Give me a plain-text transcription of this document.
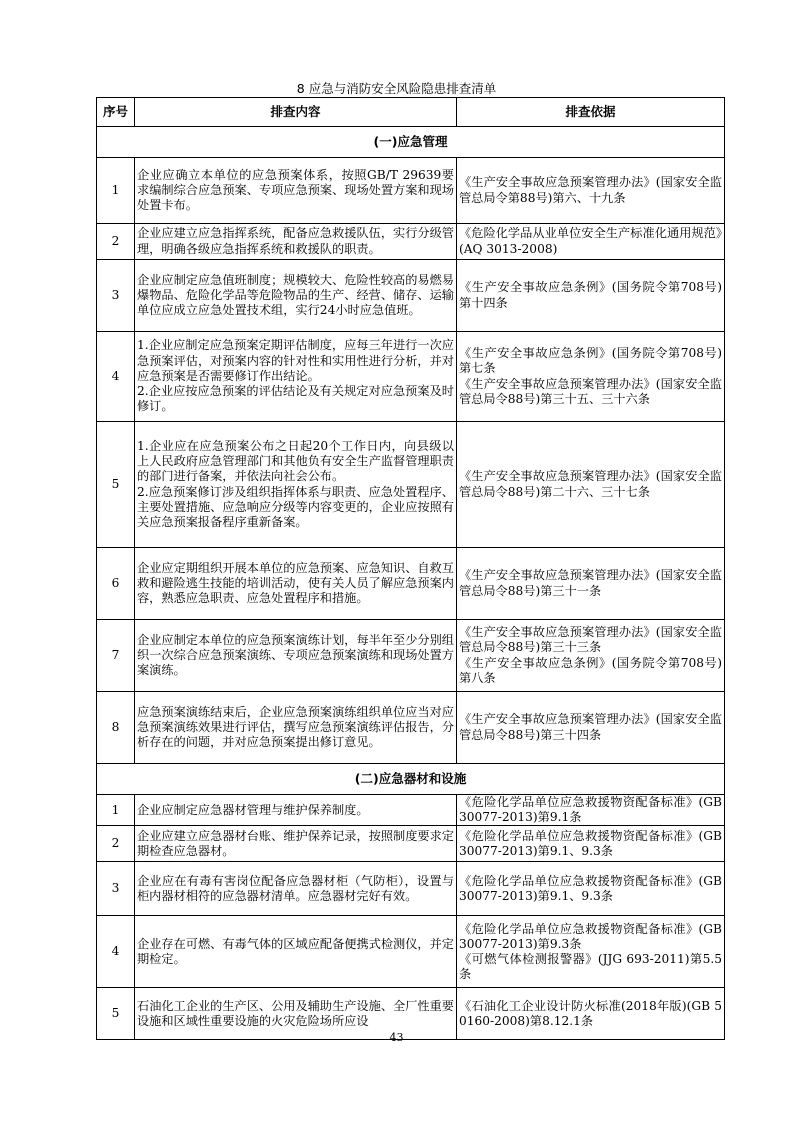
8 应急与消防安全风险隐患排查清单
序号	排查内容	排查依据
(一)应急管理		
1	企业应确立本单位的应急预案体系，按照GB/T 29639要求编制综合应急预案、专项应急预案、现场处置方案和现场处置卡布。	《生产安全事故应急预案管理办法》(国家安全监管总局令第88号)第六、十九条

2	企业应建立应急指挥系统，配备应急救援队伍，实行分级管理，明确各级应急指挥系统和救援队的职责。	《危险化学品从业单位安全生产标准化通用规范》(AQ 3013-2008)

3	企业应制定应急值班制度；规模较大、危险性较高的易燃易爆物品、危险化学品等危险物品的生产、经营、储存、运输单位应成立应急处置技术组，实行24小时应急值班。	《生产安全事故应急条例》(国务院令第708号)第十四条

4	1.企业应制定应急预案定期评估制度，应每三年进行一次应急预案评估，对预案内容的针对性和实用性进行分析，并对应急预案是否需要修订作出结论。
2.企业应按应急预案的评估结论及有关规定对应急预案及时修订。	《生产安全事故应急条例》(国务院令第708号)第七条
《生产安全事故应急预案管理办法》(国家安全监管总局令88号)第三十五、三十六条

5	1.企业应在应急预案公布之日起20个工作日内，向县级以上人民政府应急管理部门和其他负有安全生产监督管理职责的部门进行备案，并依法向社会公布。
2.应急预案修订涉及组织指挥体系与职责、应急处置程序、主要处置措施、应急响应分级等内容变更的，企业应按照有关应急预案报备程序重新备案。	《生产安全事故应急预案管理办法》(国家安全监管总局令88号)第二十六、三十七条

6	企业应定期组织开展本单位的应急预案、应急知识、自救互救和避险逃生技能的培训活动，使有关人员了解应急预案内容，熟悉应急职责、应急处置程序和措施。	《生产安全事故应急预案管理办法》(国家安全监管总局令88号)第三十一条

7	企业应制定本单位的应急预案演练计划，每半年至少分别组织一次综合应急预案演练、专项应急预案演练和现场处置方案演练。	《生产安全事故应急预案管理办法》(国家安全监管总局令88号)第三十三条
《生产安全事故应急条例》(国务院令第708号)第八条

8	应急预案演练结束后，企业应急预案演练组织单位应当对应急预案演练效果进行评估，撰写应急预案演练评估报告，分析存在的问题，并对应急预案提出修订意见。	《生产安全事故应急预案管理办法》(国家安全监管总局令88号)第三十四条

(二)应急器材和设施		
1	企业应制定应急器材管理与维护保养制度。	《危险化学品单位应急救援物资配备标准》(GB 30077-2013)第9.1条

2	企业应建立应急器材台账、维护保养记录，按照制度要求定期检查应急器材。	《危险化学品单位应急救援物资配备标准》(GB 30077-2013)第9.1、9.3条

3	企业应在有毒有害岗位配备应急器材柜（气防柜），设置与柜内器材相符的应急器材清单。应急器材完好有效。	《危险化学品单位应急救援物资配备标准》(GB 30077-2013)第9.1、9.3条

4	企业存在可燃、有毒气体的区域应配备便携式检测仪，并定期检定。	《危险化学品单位应急救援物资配备标准》(GB 30077-2013)第9.3条
《可燃气体检测报警器》(JJG 693-2011)第5.5条

5	石油化工企业的生产区、公用及辅助生产设施、全厂性重要设施和区域性重要设施的火灾危险场所应设	《石油化工企业设计防火标准(2018年版)(GB 50160-2008)第8.12.1条
43
